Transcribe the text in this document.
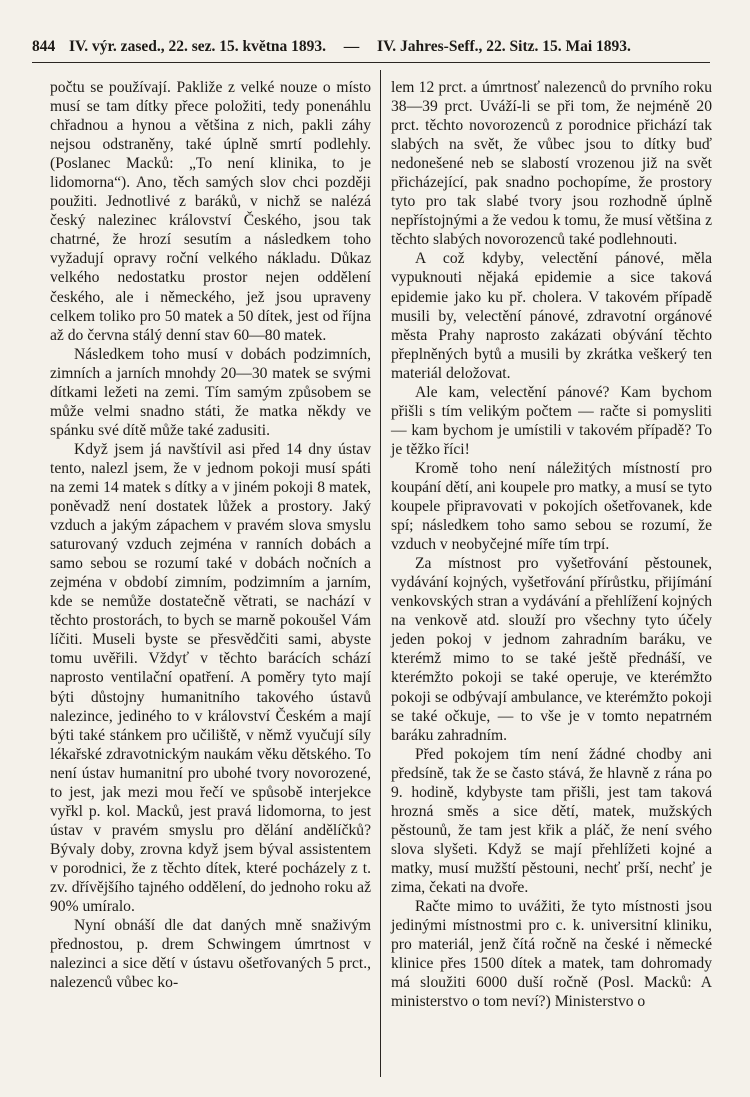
844 IV. výr. zased., 22. sez. 15. května 1893. — IV. Jahres-Seff., 22. Sitz. 15. Mai 1893.

počtu se používají. Pakliže z velké nouze o místo musí se tam dítky přece položiti, tedy ponenáhlu chřadnou a hynou a většina z nich, pakli záhy nejsou odstraněny, také úplně smrtí podlehly. (Poslanec Macků: „To není klinika, to je lidomorna“). Ano, těch samých slov chci později použiti. Jednotlivé z baráků, v nichž se nalézá český nalezinec království Českého, jsou tak chatrné, že hrozí sesutím a následkem toho vyžadují opravy roční velkého nákladu. Důkaz velkého nedostatku prostor nejen oddělení českého, ale i německého, jež jsou upraveny celkem toliko pro 50 matek a 50 dítek, jest od října až do června stálý denní stav 60—80 matek.

Následkem toho musí v dobách podzimních, zimních a jarních mnohdy 20—30 matek se svými dítkami ležeti na zemi. Tím samým způsobem se může velmi snadno státi, že matka někdy ve spánku své dítě může také zadusiti.

Když jsem já navštívil asi před 14 dny ústav tento, nalezl jsem, že v jednom pokoji musí spáti na zemi 14 matek s dítky a v jiném pokoji 8 matek, poněvadž není dostatek lůžek a prostory. Jaký vzduch a jakým zápachem v pravém slova smyslu saturovaný vzduch zejména v ranních dobách a samo sebou se rozumí také v dobách nočních a zejména v období zimním, podzimním a jarním, kde se nemůže dostatečně větrati, se nachází v těchto prostorách, to bych se marně pokoušel Vám líčiti. Museli byste se přesvědčiti sami, abyste tomu uvěřili. Vždyť v těchto barácích schází naprosto ventilační opatření. A poměry tyto mají býti důstojny humanitního takového ústavů nalezince, jediného to v království Českém a mají býti také stánkem pro učiliště, v němž vyučují síly lékařské zdravotnickým naukám věku dětského. To není ústav humanitní pro ubohé tvory novorozené, to jest, jak mezi mou řečí ve spůsobě interjekce vyřkl p. kol. Macků, jest pravá lidomorna, to jest ústav v pravém smyslu pro dělání andělíčků? Bývaly doby, zrovna když jsem býval assistentem v porodnici, že z těchto dítek, které pocházely z t. zv. dřívějšího tajného oddělení, do jednoho roku až 90% umíralo.

Nyní obnáší dle dat daných mně snaživým přednostou, p. drem Schwingem úmrtnost v nalezinci a sice dětí v ústavu ošetřovaných 5 prct., nalezenců vůbec ko-

lem 12 prct. a úmrtnosť nalezenců do prvního roku 38—39 prct. Uváží-li se při tom, že nejméně 20 prct. těchto novorozenců z porodnice přichází tak slabých na svět, že vůbec jsou to dítky buď nedonešené neb se slabostí vrozenou již na svět přicházející, pak snadno pochopíme, že prostory tyto pro tak slabé tvory jsou rozhodně úplně nepřístojnými a že vedou k tomu, že musí většina z těchto slabých novorozenců také podlehnouti.

A což kdyby, velectění pánové, měla vypuknouti nějaká epidemie a sice taková epidemie jako ku př. cholera. V takovém případě musili by, velectění pánové, zdravotní orgánové města Prahy naprosto zakázati obývání těchto přeplněných bytů a musili by zkrátka veškerý ten materiál deložovat.

Ale kam, velectění pánové? Kam bychom přišli s tím velikým počtem — račte si pomysliti — kam bychom je umístili v takovém případě? To je těžko říci!

Kromě toho není náležitých místností pro koupání dětí, ani koupele pro matky, a musí se tyto koupele připravovati v pokojích ošetřovanek, kde spí; následkem toho samo sebou se rozumí, že vzduch v neobyčejné míře tím trpí.

Za místnost pro vyšetřování pěstounek, vydávání kojných, vyšetřování přírůstku, přijímání venkovských stran a vydávání a přehlížení kojných na venkově atd. slouží pro všechny tyto účely jeden pokoj v jednom zahradním baráku, ve kterémž mimo to se také ještě přednáší, ve kterémžto pokoji se také operuje, ve kterémžto pokoji se odbývají ambulance, ve kterémžto pokoji se také očkuje, — to vše je v tomto nepatrném baráku zahradním.

Před pokojem tím není žádné chodby ani předsíně, tak že se často stává, že hlavně z rána po 9. hodině, kdybyste tam přišli, jest tam taková hrozná směs a sice dětí, matek, mužských pěstounů, že tam jest křik a pláč, že není svého slova slyšeti. Když se mají přehlížeti kojné a matky, musí mužští pěstouni, nechť prší, nechť je zima, čekati na dvoře.

Račte mimo to uvážiti, že tyto místnosti jsou jedinými místnostmi pro c. k. universitní kliniku, pro materiál, jenž čítá ročně na české i německé klinice přes 1500 dítek a matek, tam dohromady má sloužiti 6000 duší ročně (Posl. Macků: A ministerstvo o tom neví?) Ministerstvo o
